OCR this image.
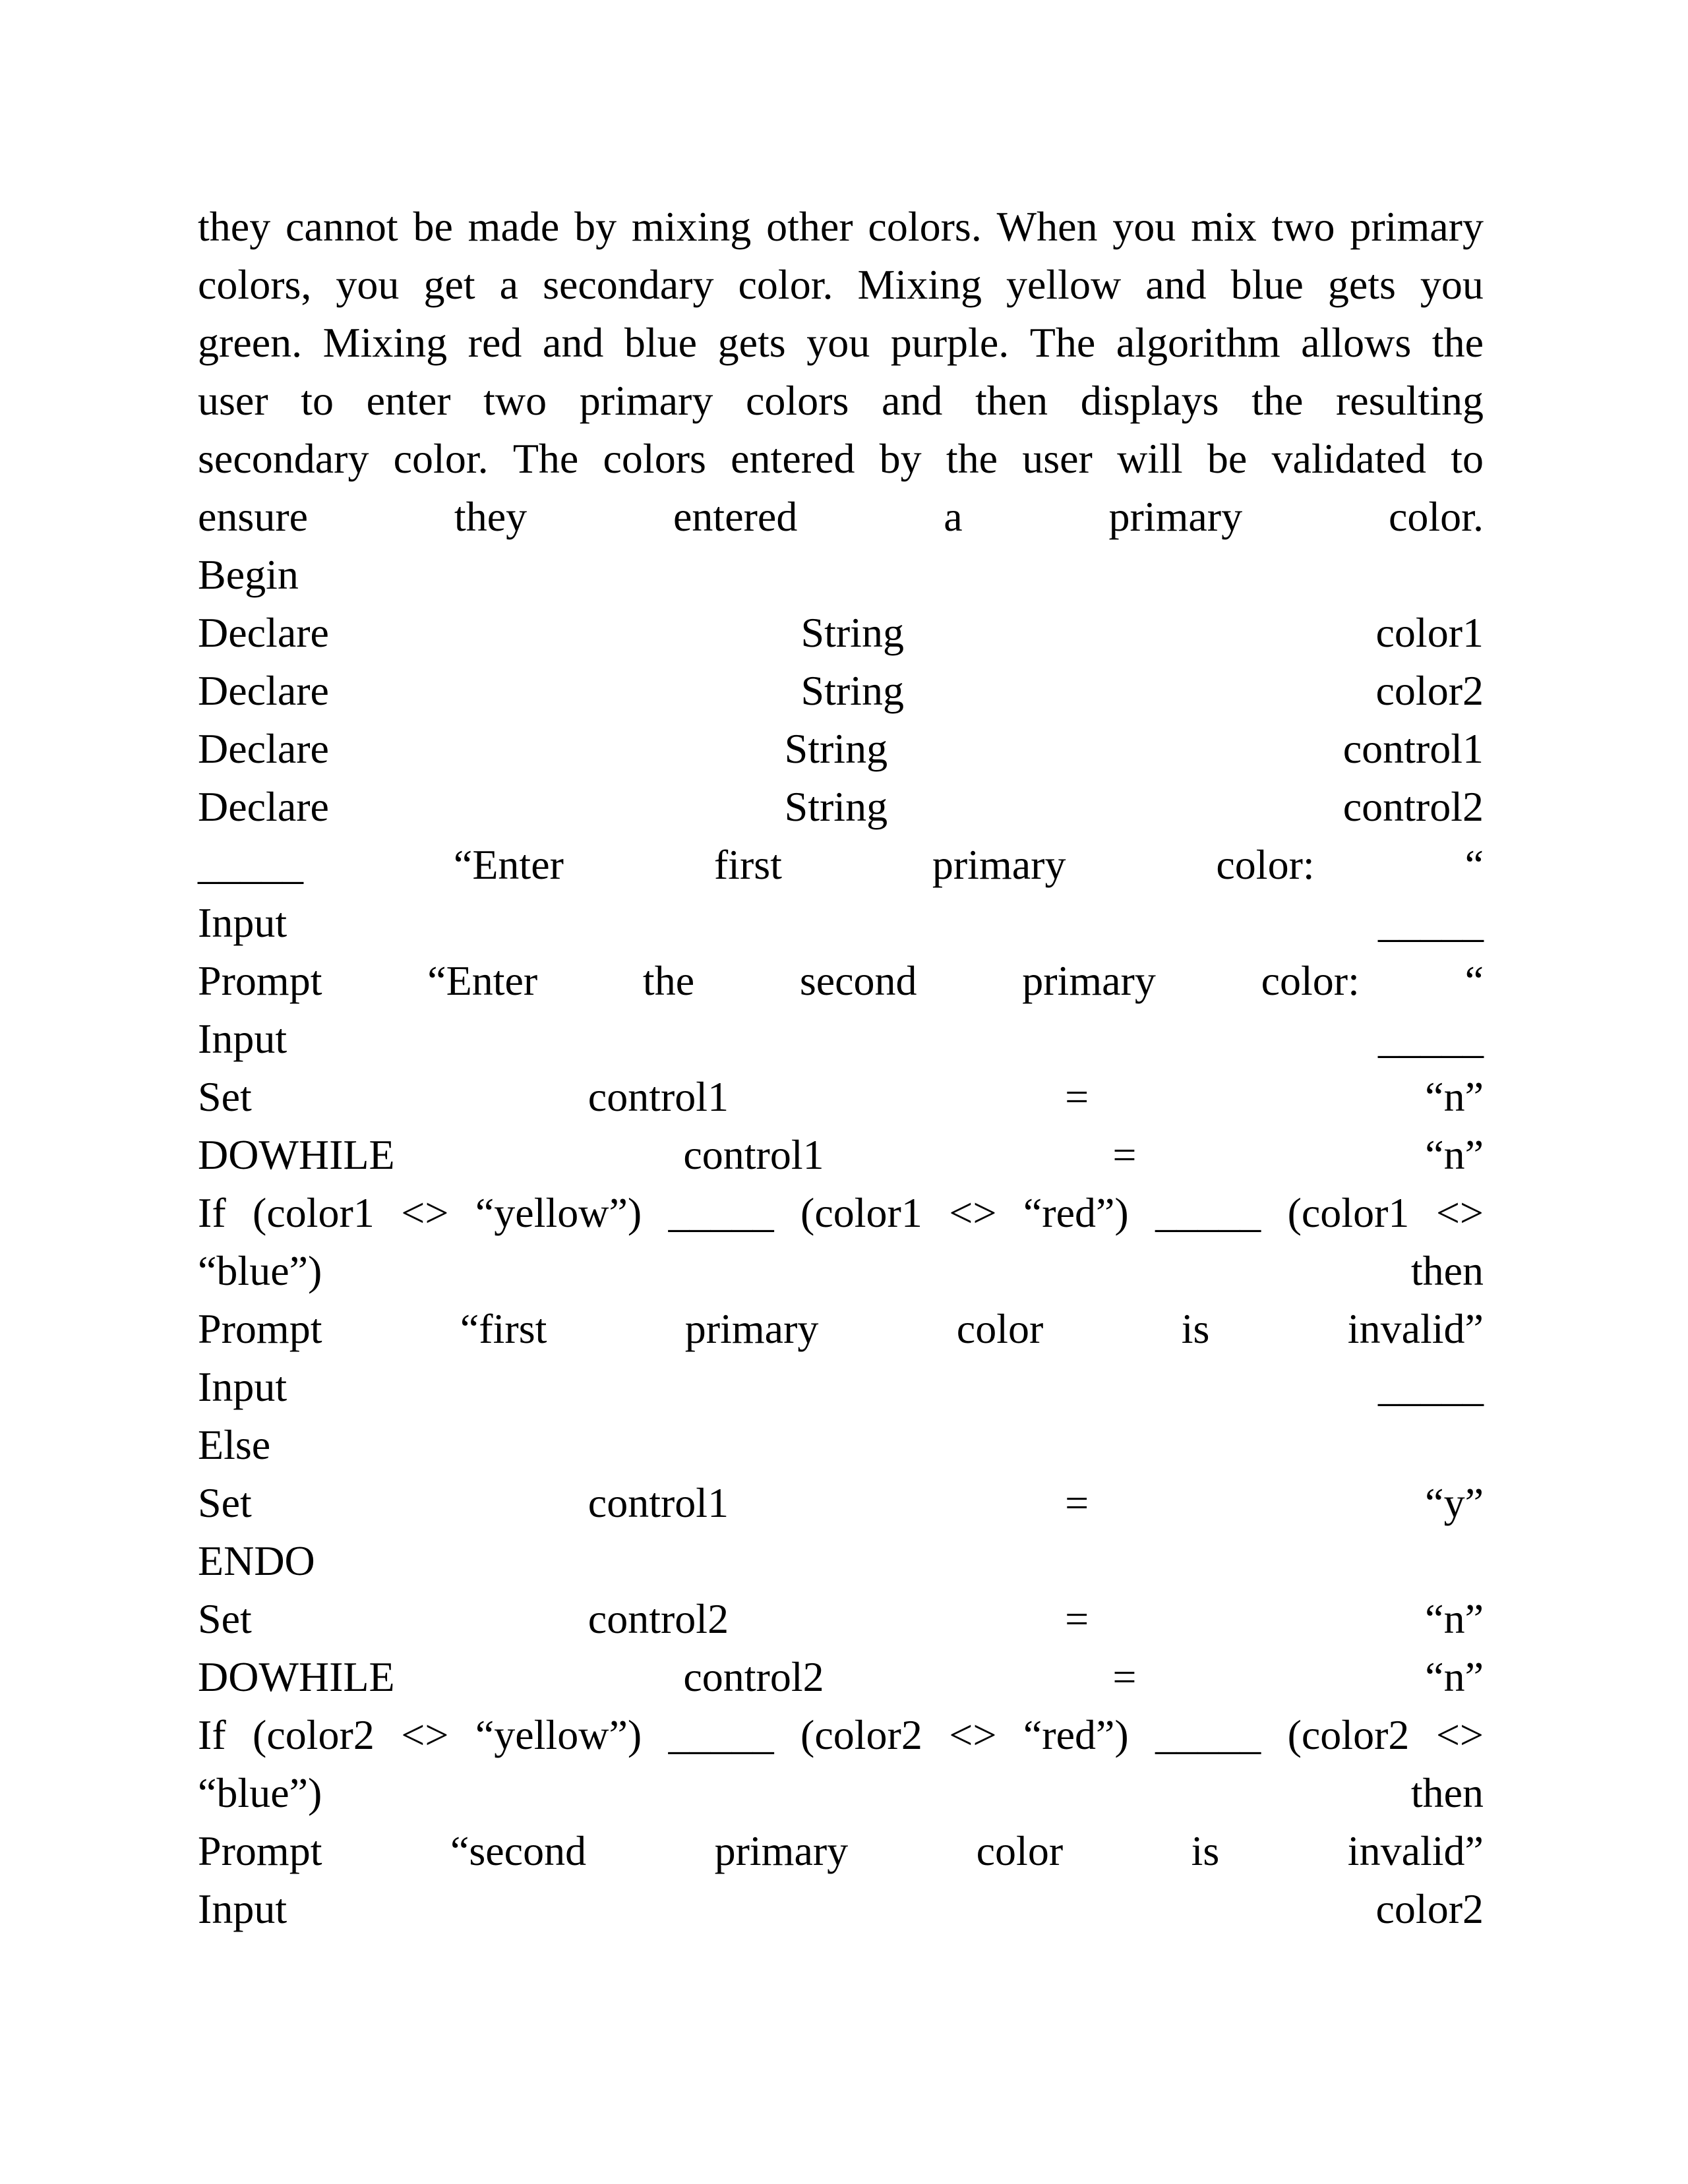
they cannot be made by mixing other colors. When you mix two primary
colors, you get a secondary color. Mixing yellow and blue gets you
green. Mixing red and blue gets you purple. The algorithm allows the
user to enter two primary colors and then displays the resulting
secondary color. The colors entered by the user will be validated to
ensure	they	entered	a	primary	color.
Begin
Declare	String	color1
Declare	String	color2
Declare	String	control1
Declare	String	control2
_____	“Enter	first	primary	color:	“
Input	_____
Prompt “Enter the second primary color: “
Input	_____
Set	control1	=	“n”
DOWHILE	control1	=	“n”
If (color1 <> “yellow”) _____ (color1 <> “red”) _____ (color1 <>
“blue”)	then
Prompt	“first	primary	color	is	invalid”
Input	_____
Else
Set	control1	=	“y”
ENDO
Set	control2	=	“n”
DOWHILE	control2	=	“n”
If (color2 <> “yellow”) _____ (color2 <> “red”) _____ (color2 <>
“blue”)	then
Prompt	“second	primary	color	is	invalid”
Input	color2
